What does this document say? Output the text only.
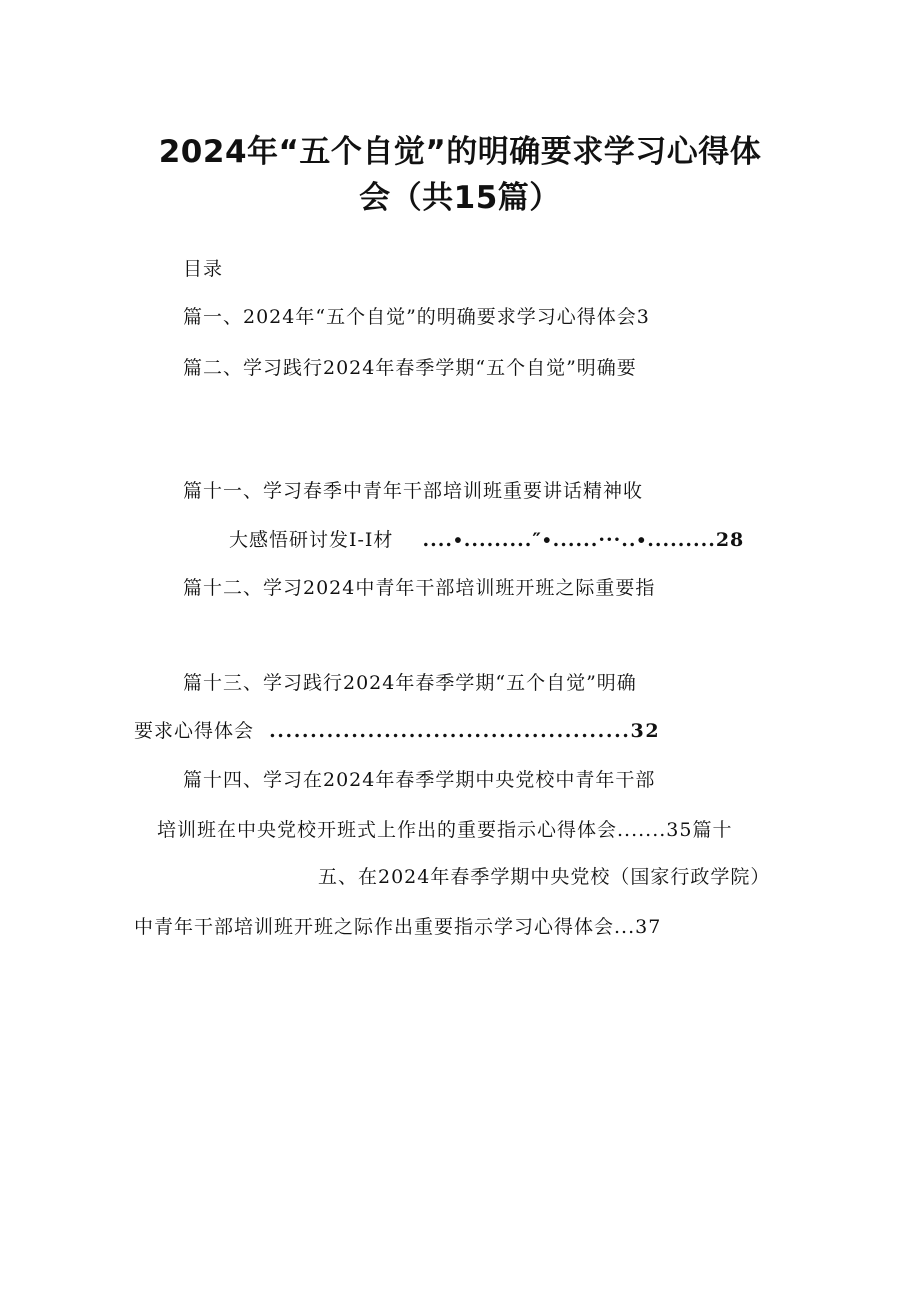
2024年“五个自觉”的明确要求学习心得体
会（共15篇）
目录
篇一、2024年“五个自觉”的明确要求学习心得体会3
篇二、学习践行2024年春季学期“五个自觉”明确要
篇十一、学习春季中青年干部培训班重要讲话精神收
大感悟研讨发I-I材 ....∙.........″∙......···..∙.........28
篇十二、学习2024中青年干部培训班开班之际重要指
篇十三、学习践行2024年春季学期“五个自觉”明确
要求心得体会 ............................................32
篇十四、学习在2024年春季学期中央党校中青年干部
培训班在中央党校开班式上作出的重要指示心得体会.......35篇十
五、在2024年春季学期中央党校（国家行政学院）
中青年干部培训班开班之际作出重要指示学习心得体会...37
